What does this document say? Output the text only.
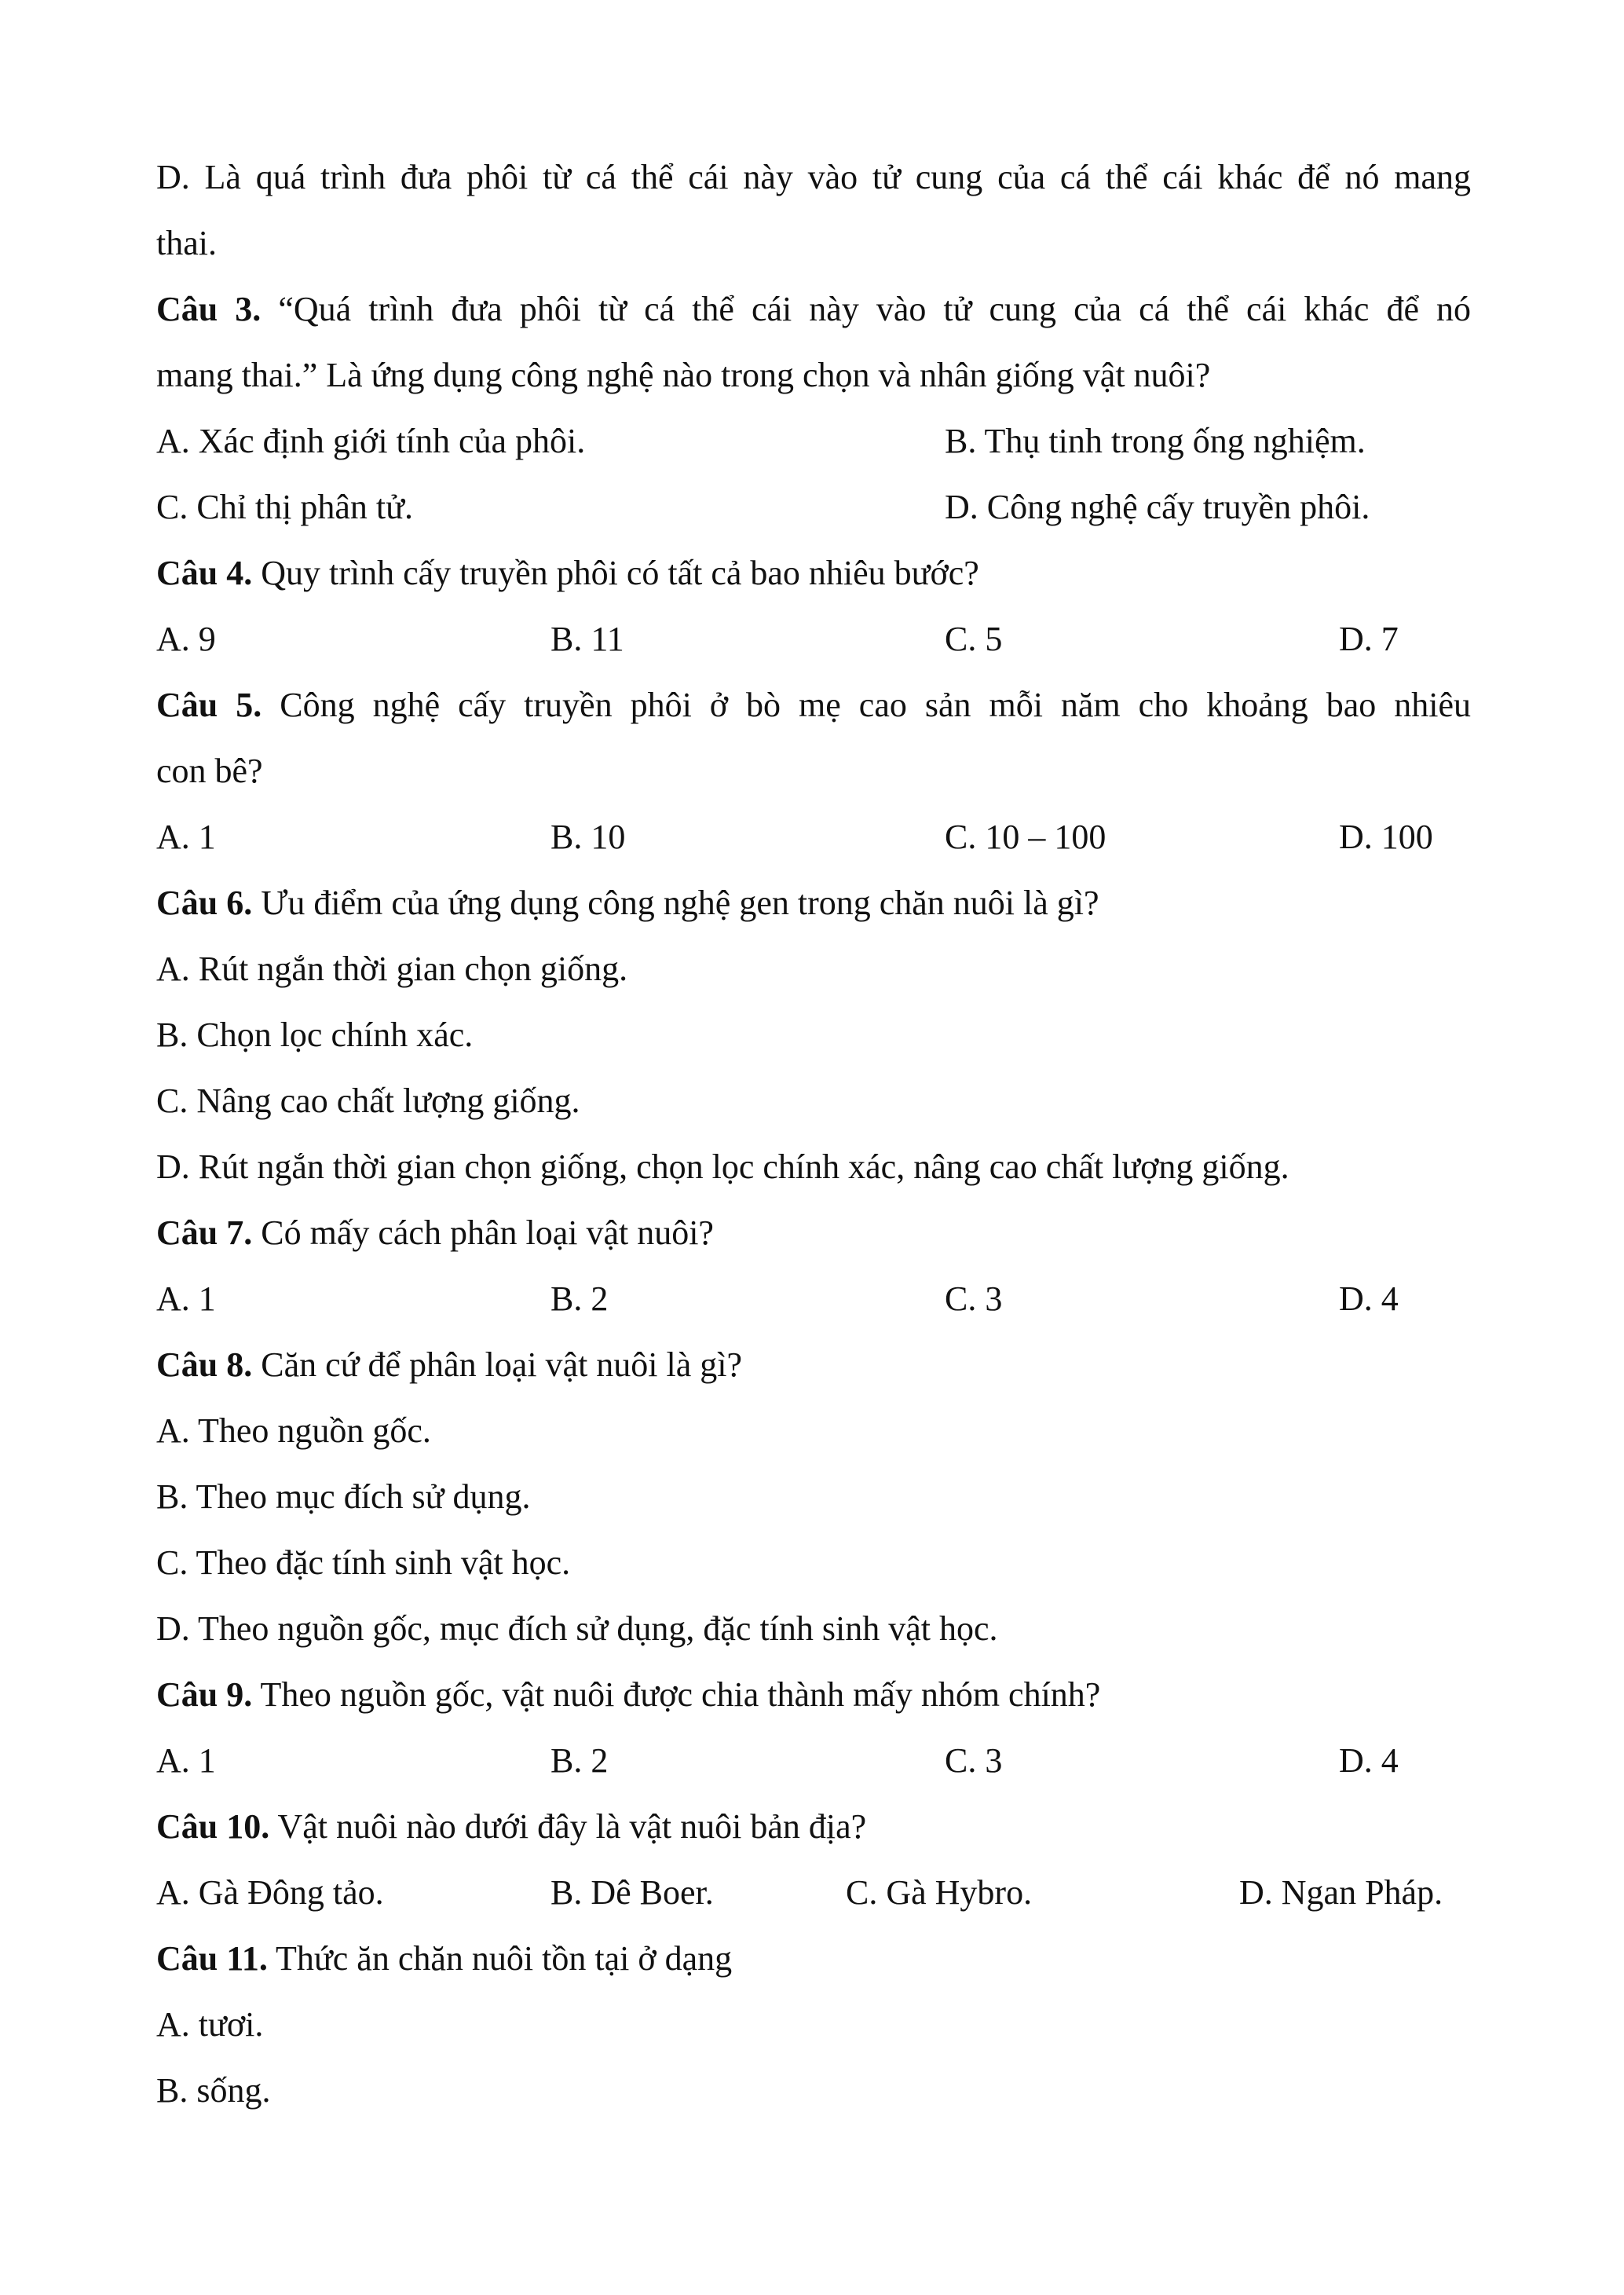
D. Là quá trình đưa phôi từ cá thể cái này vào tử cung của cá thể cái khác để nó mang
thai.
Câu 3. “Quá trình đưa phôi từ cá thể cái này vào tử cung của cá thể cái khác để nó
mang thai.” Là ứng dụng công nghệ nào trong chọn và nhân giống vật nuôi?
A. Xác định giới tính của phôi.	B. Thụ tinh trong ống nghiệm.
C. Chỉ thị phân tử.	D. Công nghệ cấy truyền phôi.
Câu 4. Quy trình cấy truyền phôi có tất cả bao nhiêu bước?
A. 9	B. 11	C. 5	D. 7
Câu 5. Công nghệ cấy truyền phôi ở bò mẹ cao sản mỗi năm cho khoảng bao nhiêu
con bê?
A. 1	B. 10	C. 10 – 100	D. 100
Câu 6. Ưu điểm của ứng dụng công nghệ gen trong chăn nuôi là gì?
A. Rút ngắn thời gian chọn giống.
B. Chọn lọc chính xác.
C. Nâng cao chất lượng giống.
D. Rút ngắn thời gian chọn giống, chọn lọc chính xác, nâng cao chất lượng giống.
Câu 7. Có mấy cách phân loại vật nuôi?
A. 1	B. 2	C. 3	D. 4
Câu 8. Căn cứ để phân loại vật nuôi là gì?
A. Theo nguồn gốc.
B. Theo mục đích sử dụng.
C. Theo đặc tính sinh vật học.
D. Theo nguồn gốc, mục đích sử dụng, đặc tính sinh vật học.
Câu 9. Theo nguồn gốc, vật nuôi được chia thành mấy nhóm chính?
A. 1	B. 2	C. 3	D. 4
Câu 10. Vật nuôi nào dưới đây là vật nuôi bản địa?
A. Gà Đông tảo.	B. Dê Boer.	C. Gà Hybro.	D. Ngan Pháp.
Câu 11. Thức ăn chăn nuôi tồn tại ở dạng
A. tươi.
B. sống.
